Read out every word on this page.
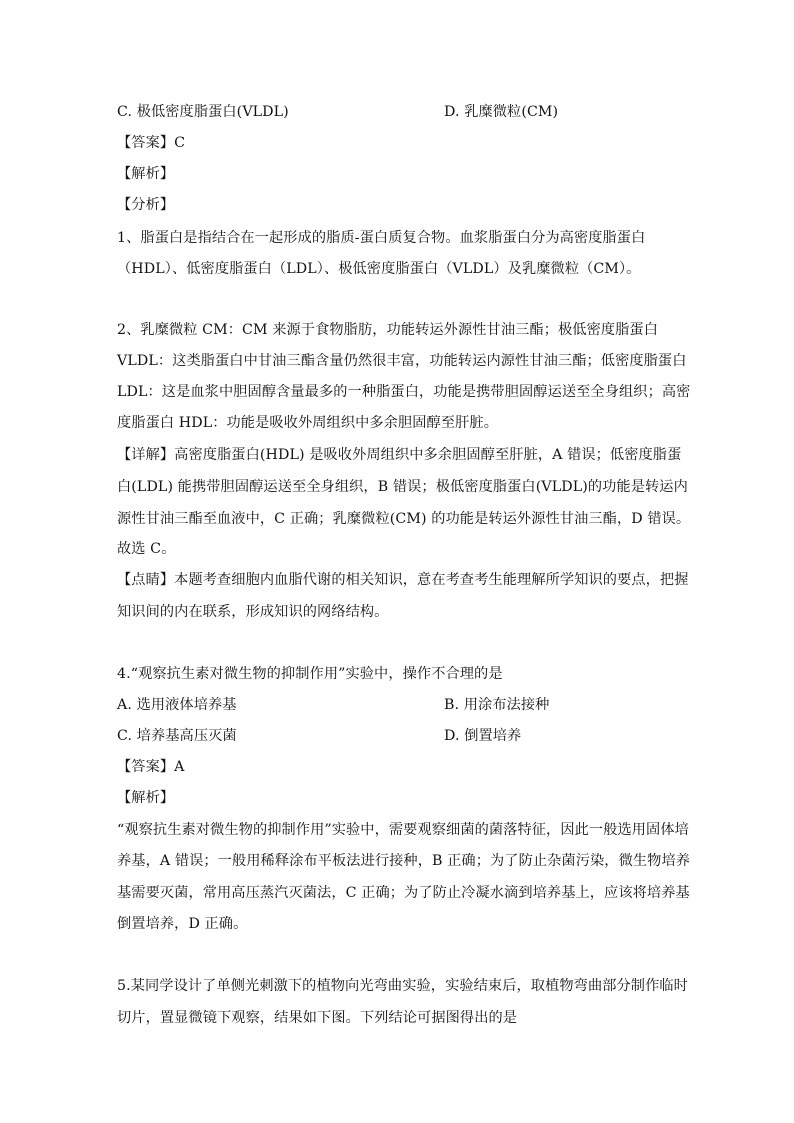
C. 极低密度脂蛋白(VLDL)	D. 乳糜微粒(CM)
【答案】C
【解析】
【分析】
1、脂蛋白是指结合在一起形成的脂质-蛋白质复合物。血浆脂蛋白分为高密度脂蛋白
（HDL）、低密度脂蛋白（LDL）、极低密度脂蛋白（VLDL）及乳糜微粒（CM）。
2、乳糜微粒 CM：CM 来源于食物脂肪，功能转运外源性甘油三酯；极低密度脂蛋白
VLDL：这类脂蛋白中甘油三酯含量仍然很丰富，功能转运内源性甘油三酯；低密度脂蛋白
LDL：这是血浆中胆固醇含量最多的一种脂蛋白，功能是携带胆固醇运送至全身组织；高密
度脂蛋白 HDL：功能是吸收外周组织中多余胆固醇至肝脏。
【详解】高密度脂蛋白(HDL) 是吸收外周组织中多余胆固醇至肝脏，A 错误；低密度脂蛋
白(LDL) 能携带胆固醇运送至全身组织，B 错误；极低密度脂蛋白(VLDL)的功能是转运内
源性甘油三酯至血液中，C 正确；乳糜微粒(CM) 的功能是转运外源性甘油三酯，D 错误。
故选 C。
【点睛】本题考查细胞内血脂代谢的相关知识，意在考查考生能理解所学知识的要点，把握
知识间的内在联系，形成知识的网络结构。
4.“观察抗生素对微生物的抑制作用”实验中，操作不合理的是
A. 选用液体培养基	B. 用涂布法接种
C. 培养基高压灭菌	D. 倒置培养
【答案】A
【解析】
“观察抗生素对微生物的抑制作用”实验中，需要观察细菌的菌落特征，因此一般选用固体培
养基，A 错误；一般用稀释涂布平板法进行接种，B 正确；为了防止杂菌污染，微生物培养
基需要灭菌，常用高压蒸汽灭菌法，C 正确；为了防止冷凝水滴到培养基上，应该将培养基
倒置培养，D 正确。
5.某同学设计了单侧光刺激下的植物向光弯曲实验，实验结束后，取植物弯曲部分制作临时
切片，置显微镜下观察，结果如下图。下列结论可据图得出的是
